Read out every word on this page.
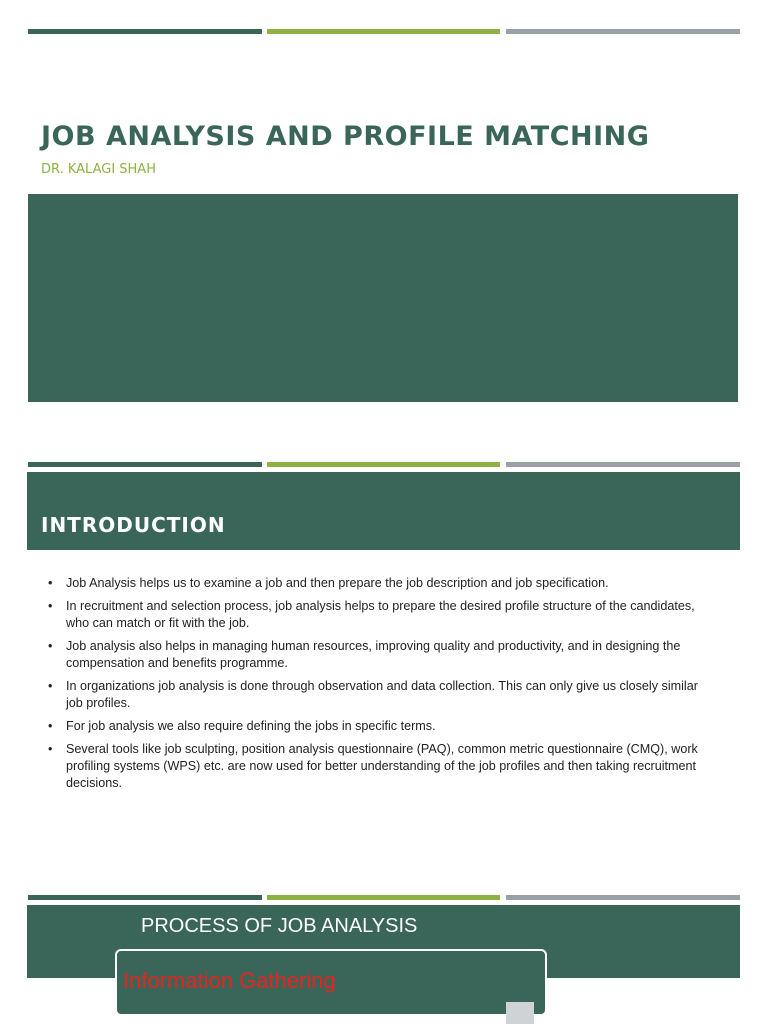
JOB ANALYSIS AND PROFILE MATCHING
DR. KALAGI SHAH
INTRODUCTION
• Job Analysis helps us to examine a job and then prepare the job description and job specification.
• In recruitment and selection process, job analysis helps to prepare the desired profile structure of the candidates, who can match or fit with the job.
• Job analysis also helps in managing human resources, improving quality and productivity, and in designing the compensation and benefits programme.
• In organizations job analysis is done through observation and data collection. This can only give us closely similar job profiles.
• For job analysis we also require defining the jobs in specific terms.
• Several tools like job sculpting, position analysis questionnaire (PAQ), common metric questionnaire (CMQ), work profiling systems (WPS) etc. are now used for better understanding of the job profiles and then taking recruitment decisions.
PROCESS OF JOB ANALYSIS
Information Gathering
